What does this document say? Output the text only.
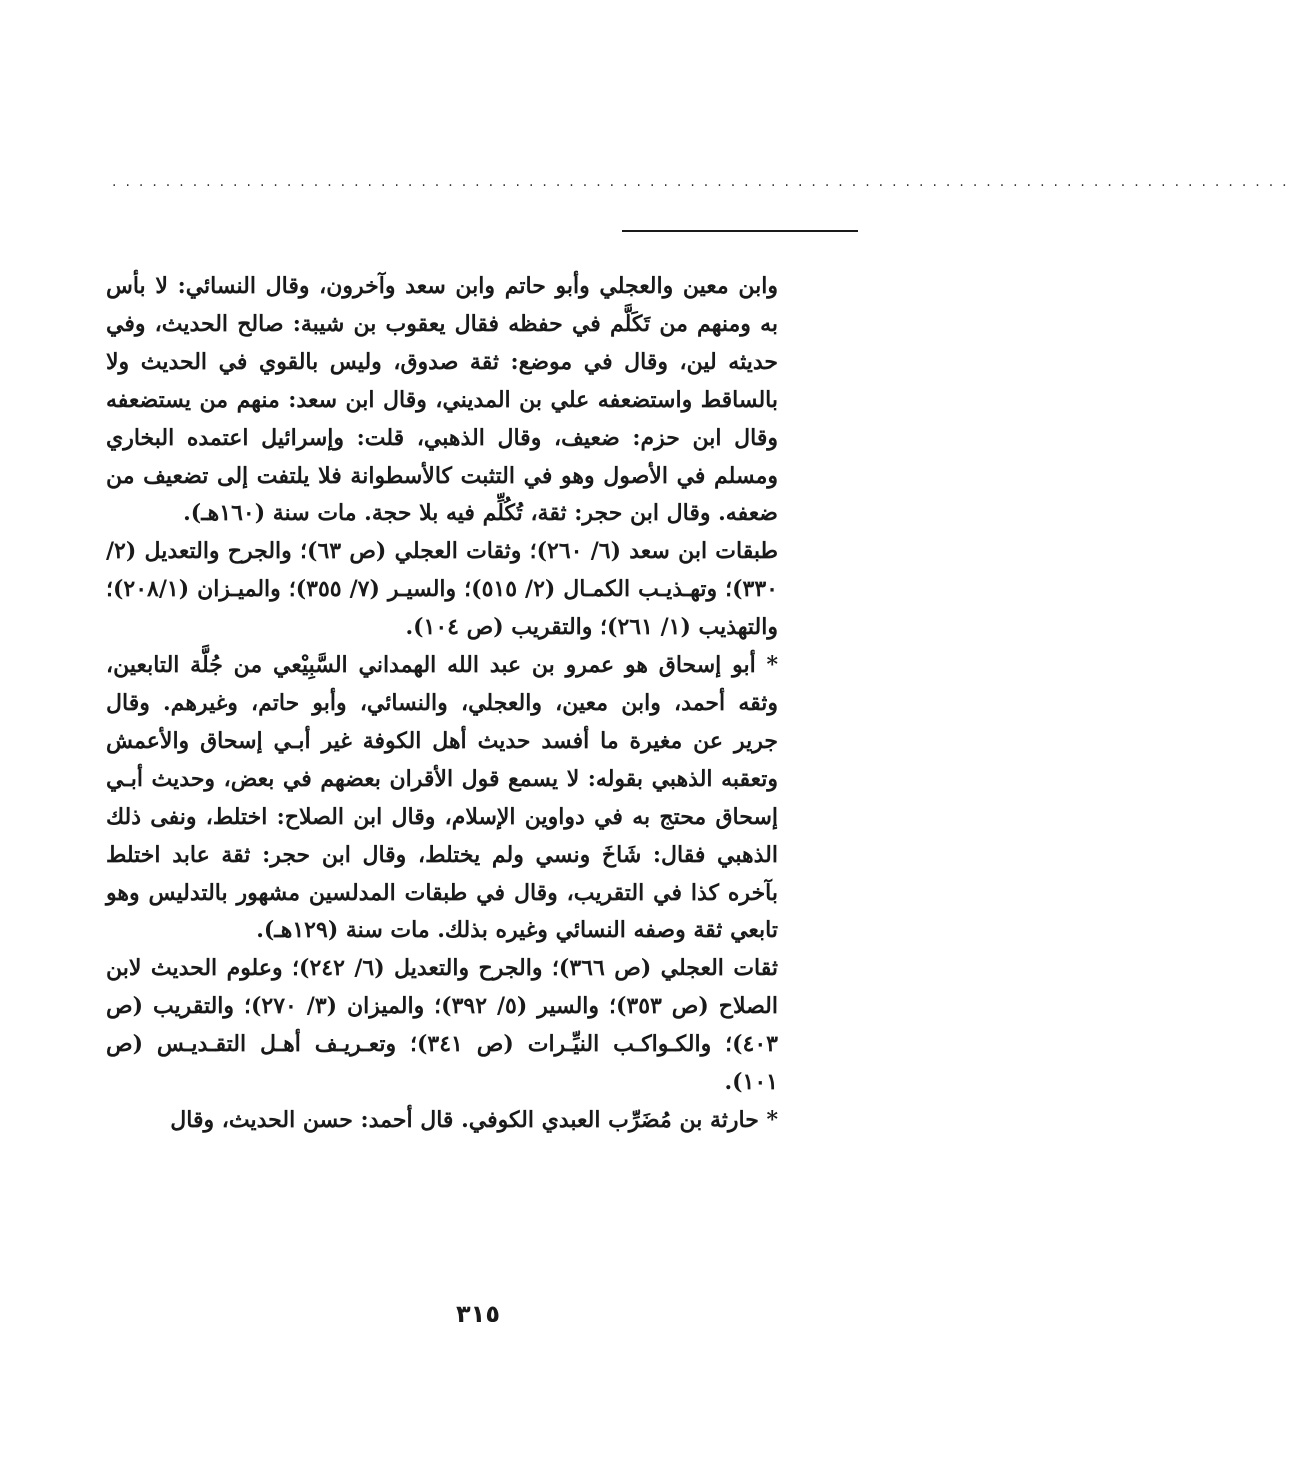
........................................................................................

وابن معين والعجلي وأبو حاتم وابن سعد وآخرون، وقال النسائي: لا بأس به ومنهم من تَكَلَّم في حفظه فقال يعقوب بن شيبة: صالح الحديث، وفي حديثه لين، وقال في موضع: ثقة صدوق، وليس بالقوي في الحديث ولا بالساقط واستضعفه علي بن المديني، وقال ابن سعد: منهم من يستضعفه وقال ابن حزم: ضعيف، وقال الذهبي، قلت: وإسرائيل اعتمده البخاري ومسلم في الأصول وهو في التثبت كالأسطوانة فلا يلتفت إلى تضعيف من ضعفه. وقال ابن حجر: ثقة، تُكُلِّم فيه بلا حجة. مات سنة (١٦٠هـ).

طبقات ابن سعد (٦/ ٢٦٠)؛ وثقات العجلي (ص ٦٣)؛ والجرح والتعديل (٢/ ٣٣٠)؛ وتهـذيـب الكمـال (٢/ ٥١٥)؛ والسيـر (٧/ ٣٥٥)؛ والميـزان (٢٠٨/١)؛ والتهذيب (١/ ٢٦١)؛ والتقريب (ص ١٠٤).

* أبو إسحاق هو عمرو بن عبد الله الهمداني السَّبِيْعي من جُلَّة التابعين، وثقه أحمد، وابن معين، والعجلي، والنسائي، وأبو حاتم، وغيرهم. وقال جرير عن مغيرة ما أفسد حديث أهل الكوفة غير أبـي إسحاق والأعمش وتعقبه الذهبي بقوله: لا يسمع قول الأقران بعضهم في بعض، وحديث أبـي إسحاق محتج به في دواوين الإسلام، وقال ابن الصلاح: اختلط، ونفى ذلك الذهبي فقال: شَاخَ ونسي ولم يختلط، وقال ابن حجر: ثقة عابد اختلط بآخره كذا في التقريب، وقال في طبقات المدلسين مشهور بالتدليس وهو تابعي ثقة وصفه النسائي وغيره بذلك. مات سنة (١٢٩هـ).

ثقات العجلي (ص ٣٦٦)؛ والجرح والتعديل (٦/ ٢٤٢)؛ وعلوم الحديث لابن الصلاح (ص ٣٥٣)؛ والسير (٥/ ٣٩٢)؛ والميزان (٣/ ٢٧٠)؛ والتقريب (ص ٤٠٣)؛ والكـواكـب النيِّـرات (ص ٣٤١)؛ وتعـريـف أهـل التقـديـس (ص ١٠١).

* حارثة بن مُضَرِّب العبدي الكوفي. قال أحمد: حسن الحديث، وقال

٣١٥
